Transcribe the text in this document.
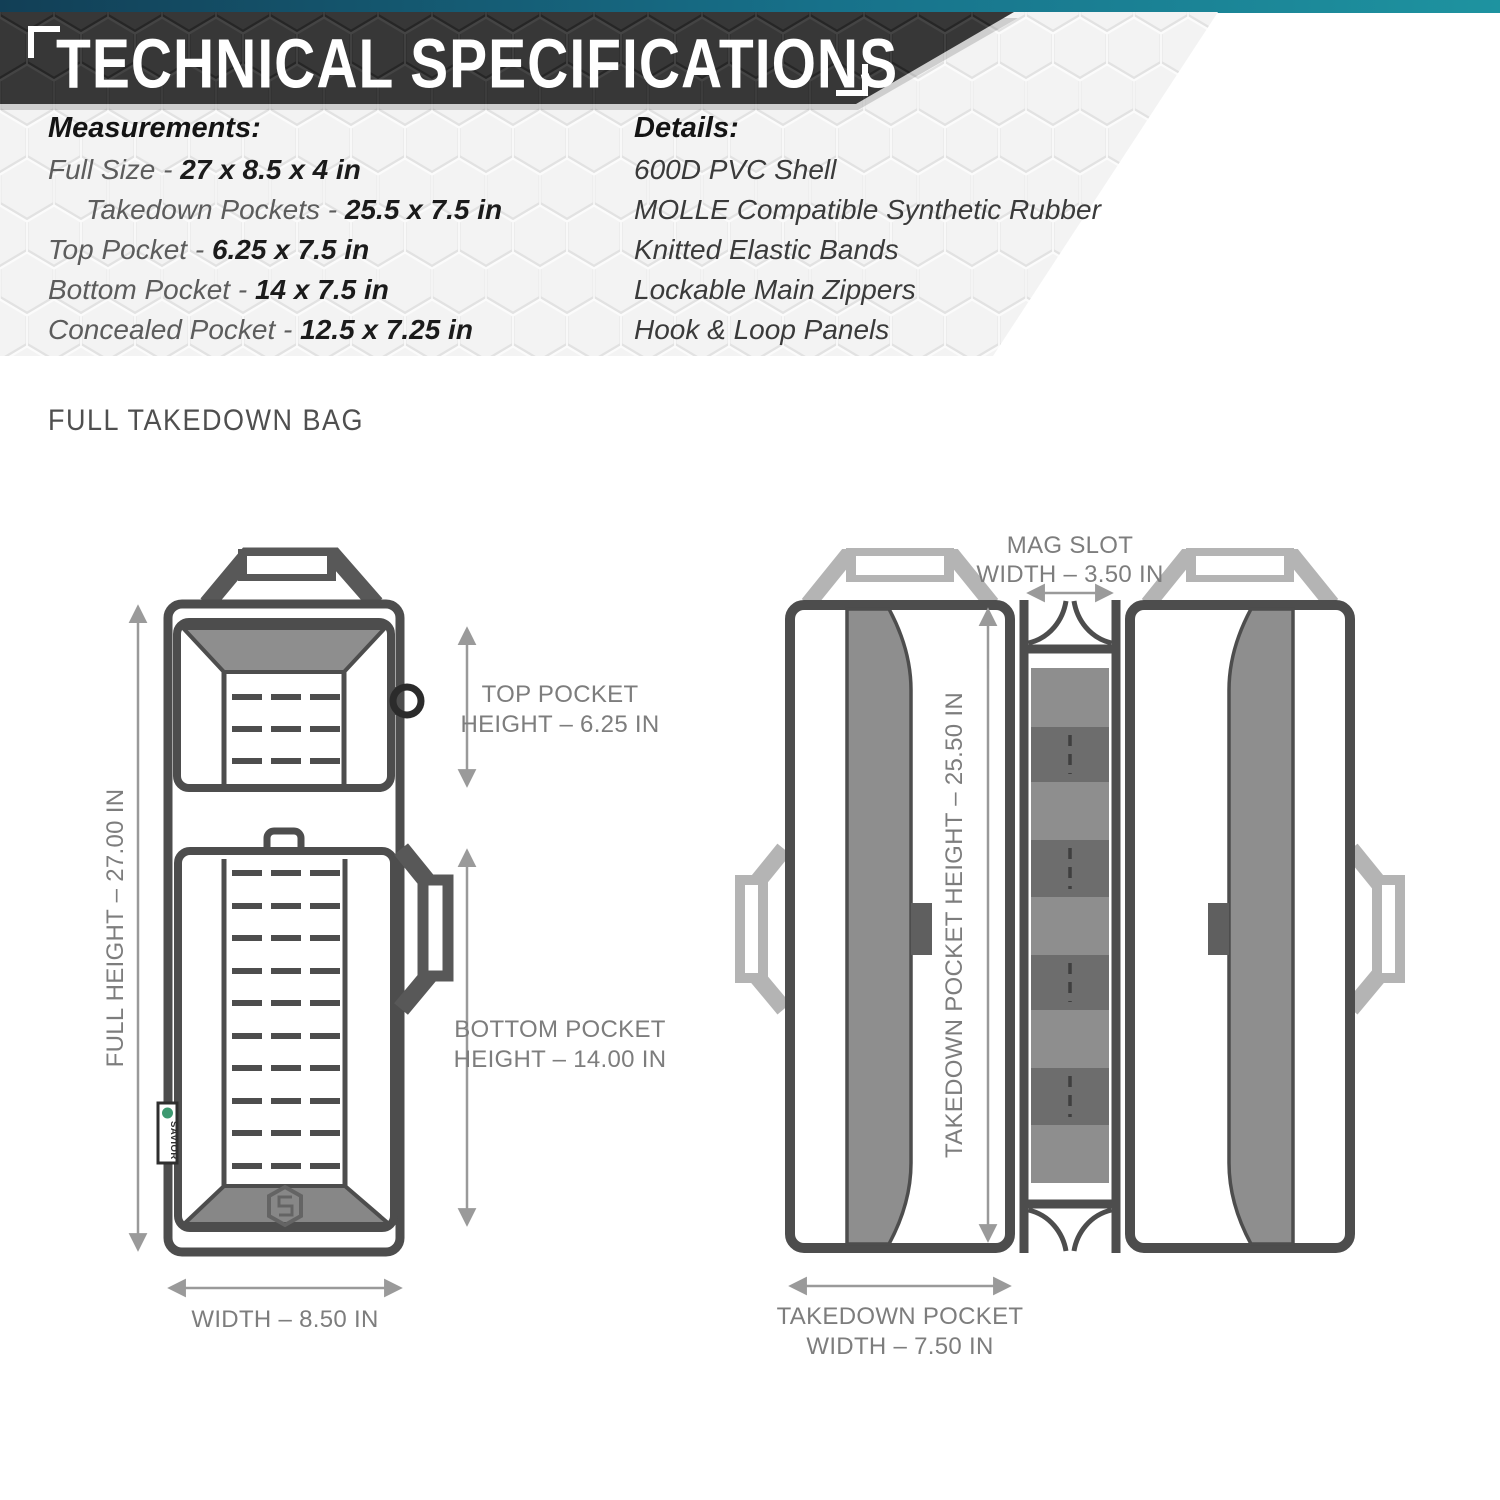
TECHNICAL SPECIFICATIONS
Measurements:
Full Size - 27 x 8.5 x 4 in
Takedown Pockets - 25.5 x 7.5 in
Top Pocket - 6.25 x 7.5 in
Bottom Pocket - 14 x 7.5 in
Concealed Pocket - 12.5 x 7.25 in
Details:
600D PVC Shell
MOLLE Compatible Synthetic Rubber
Knitted Elastic Bands
Lockable Main Zippers
Hook & Loop Panels
FULL TAKEDOWN BAG
SAVIOR
FULL HEIGHT – 27.00 IN
WIDTH – 8.50 IN
TOP POCKET
HEIGHT – 6.25 IN
BOTTOM POCKET
HEIGHT – 14.00 IN
MAG SLOT
WIDTH – 3.50 IN
TAKEDOWN POCKET HEIGHT – 25.50 IN
TAKEDOWN POCKET
WIDTH – 7.50 IN
